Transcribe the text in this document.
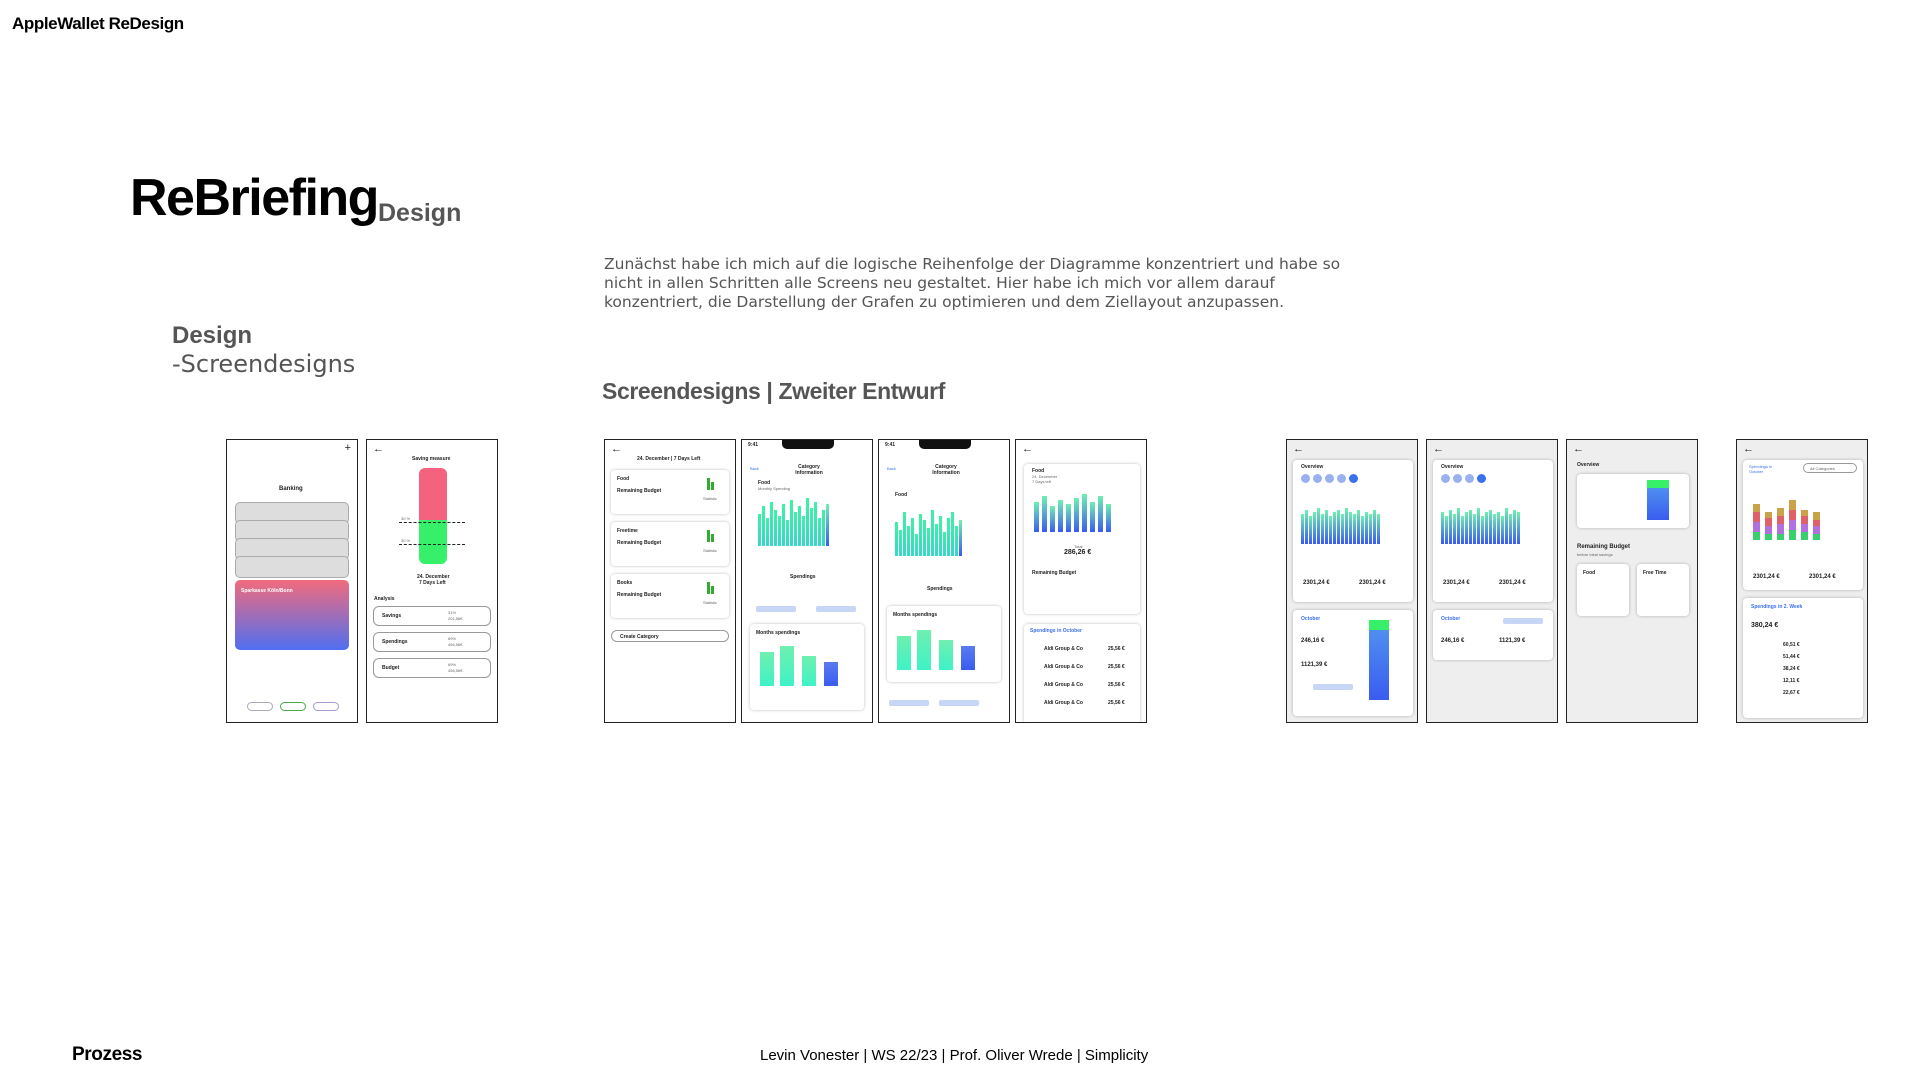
AppleWallet ReDesign
ReBriefing Design
Zunächst habe ich mich auf die logische Reihenfolge der Diagramme konzentriert und habe so nicht in allen Schritten alle Screens neu gestaltet. Hier habe ich mich vor allem darauf konzentriert, die Darstellung der Grafen zu optimieren und dem Ziellayout anzupassen.
Design
-Screendesigns
Screendesigns | Zweiter Entwurf
+
Banking
Sparkasse Köln/Bonn
←
Saving measure
30 %
30 %
24. December
7 Days Left
Analysis
Savings
31%
201,56€
Spendings
69%
456,56€
Budget
69%
456,56€
←
24. December | 7 Days Left
Food
Remaining Budget
Statistic
Freetime
Remaining Budget
Statistic
Books
Remaining Budget
Statistic
Create Category
9:41
Back	Category Information
Food
Monthly Spending
Spendings
Months spendings
9:41
Back	Category Information
Food
Spendings
Months spendings
←
Food
24. December
7 Days left
Total
286,26 €
Remaining Budget
Spendings in October
Aldi Group & Co	25,56 €
Aldi Group & Co	25,56 €
Aldi Group & Co	25,56 €
Aldi Group & Co	25,56 €
←
Overview
2301,24 €	2301,24 €
October
246,16 €
1121,39 €
←
Overview
2301,24 €	2301,24 €
October
246,16 €	1121,39 €
←
Overview
Remaining Budget
before ideal savings
Food	Free Time
←
Spendings in October
All Categories
2301,24 €	2301,24 €
Spendings in 2. Week
380,24 €
60,51 €
51,44 €
38,24 €
12,11 €
22,67 €
Prozess	Levin Vonester | WS 22/23 | Prof. Oliver Wrede | Simplicity
